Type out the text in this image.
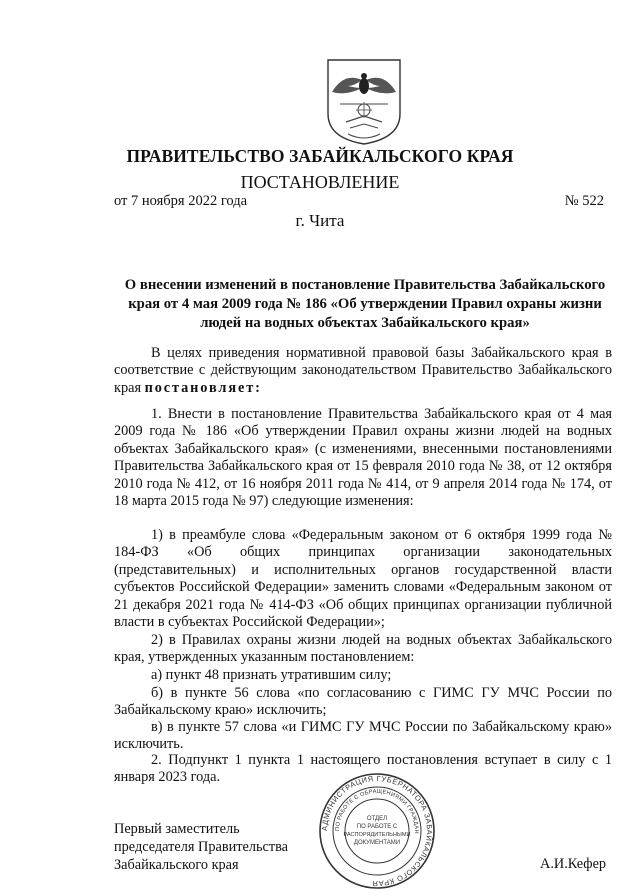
ПРАВИТЕЛЬСТВО ЗАБАЙКАЛЬСКОГО КРАЯ
ПОСТАНОВЛЕНИЕ
от 7 ноября 2022 года	№ 522
г. Чита
О внесении изменений в постановление Правительства Забайкальского края от 4 мая 2009 года № 186 «Об утверждении Правил охраны жизни людей на водных объектах Забайкальского края»
В целях приведения нормативной правовой базы Забайкальского края в соответствие с действующим законодательством Правительство Забайкальского края постановляет:
1. Внести в постановление Правительства Забайкальского края от 4 мая 2009 года № 186 «Об утверждении Правил охраны жизни людей на водных объектах Забайкальского края» (с изменениями, внесенными постановлениями Правительства Забайкальского края от 15 февраля 2010 года № 38, от 12 октября 2010 года № 412, от 16 ноября 2011 года № 414, от 9 апреля 2014 года № 174, от 18 марта 2015 года № 97) следующие изменения:
1) в преамбуле слова «Федеральным законом от 6 октября 1999 года № 184-ФЗ «Об общих принципах организации законодательных (представительных) и исполнительных органов государственной власти субъектов Российской Федерации» заменить словами «Федеральным законом от 21 декабря 2021 года № 414-ФЗ «Об общих принципах организации публичной власти в субъектах Российской Федерации»;
2) в Правилах охраны жизни людей на водных объектах Забайкальского края, утвержденных указанным постановлением:
а) пункт 48 признать утратившим силу;
б) в пункте 56 слова «по согласованию с ГИМС ГУ МЧС России по Забайкальскому краю» исключить;
в) в пункте 57 слова «и ГИМС ГУ МЧС России по Забайкальскому краю» исключить.
2. Подпункт 1 пункта 1 настоящего постановления вступает в силу с 1 января 2023 года.
Первый заместитель
председателя Правительства
Забайкальского края	А.И.Кефер
АДМИНИСТРАЦИЯ ГУБЕРНАТОРА ЗАБАЙКАЛЬСКОГО КРАЯ
ПО РАБОТЕ С ОБРАЩЕНИЯМИ ГРАЖДАН
ОТДЕЛ
ПО РАБОТЕ С
РАСПОРЯДИТЕЛЬНЫМИ
ДОКУМЕНТАМИ
